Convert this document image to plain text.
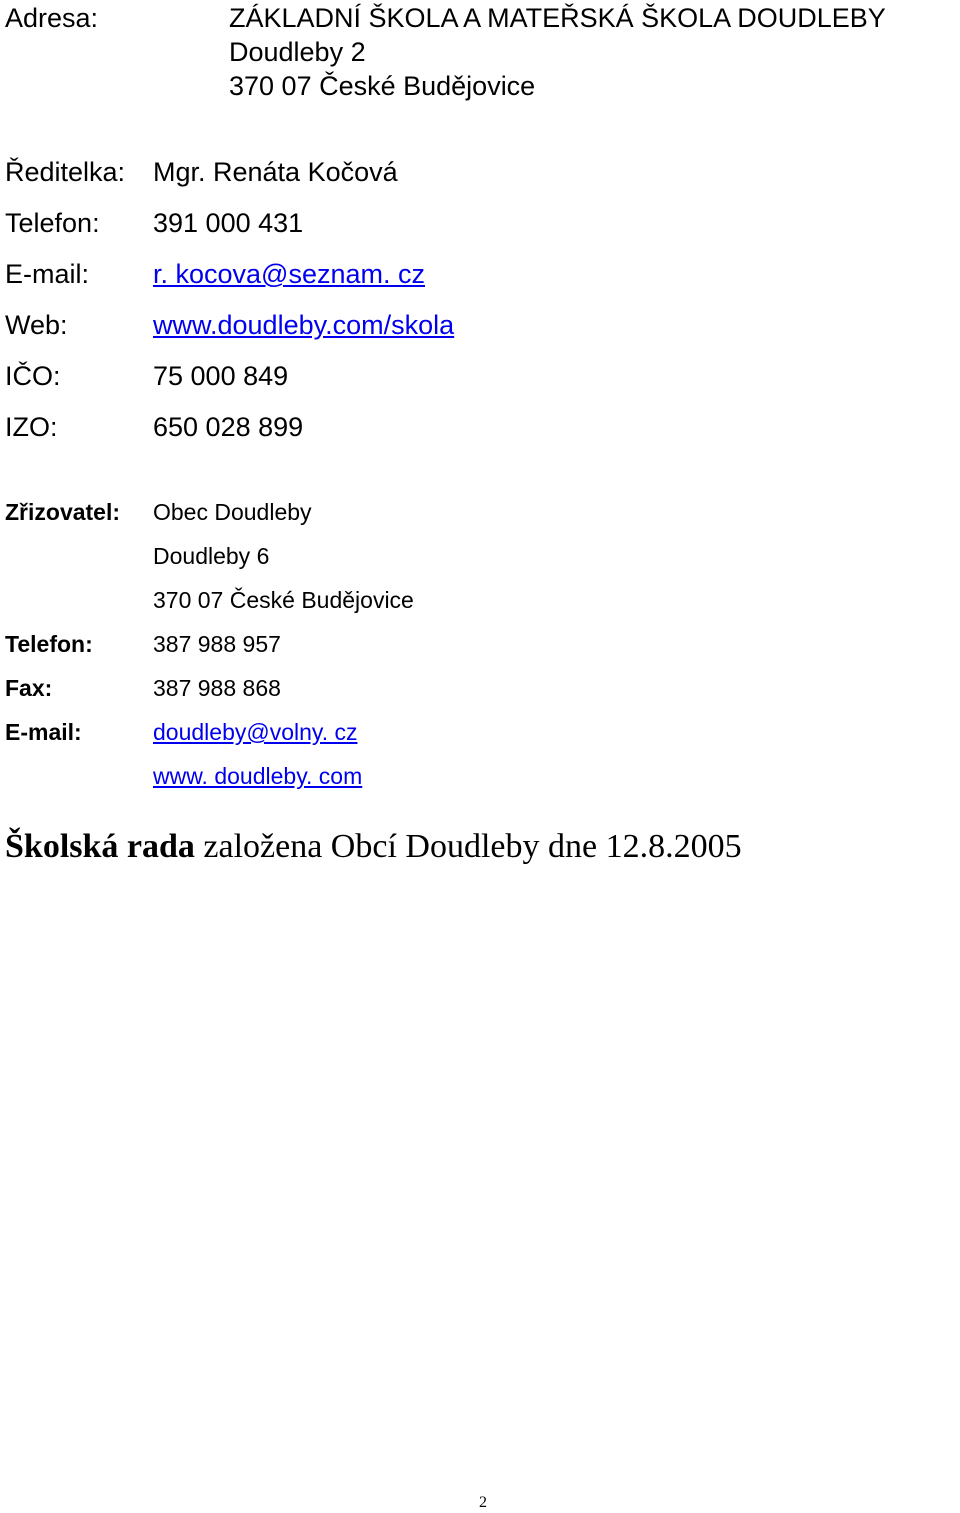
Adresa:	ZÁKLADNÍ ŠKOLA A MATEŘSKÁ ŠKOLA DOUDLEBY
Doudleby 2
370 07 České Budějovice
Ředitelka: Mgr. Renáta Kočová
Telefon: 391 000 431
E-mail: r. kocova@seznam. cz
Web:	www.doudleby.com/skola
IČO:	75 000 849
IZO:	650 028 899
Zřizovatel: Obec Doudleby
Doudleby 6
370 07 České Budějovice
Telefon:	387 988 957
Fax:	387 988 868
E-mail:	doudleby@volny. cz
www. doudleby. com
Školská rada založena Obcí Doudleby dne 12.8.2005
2
